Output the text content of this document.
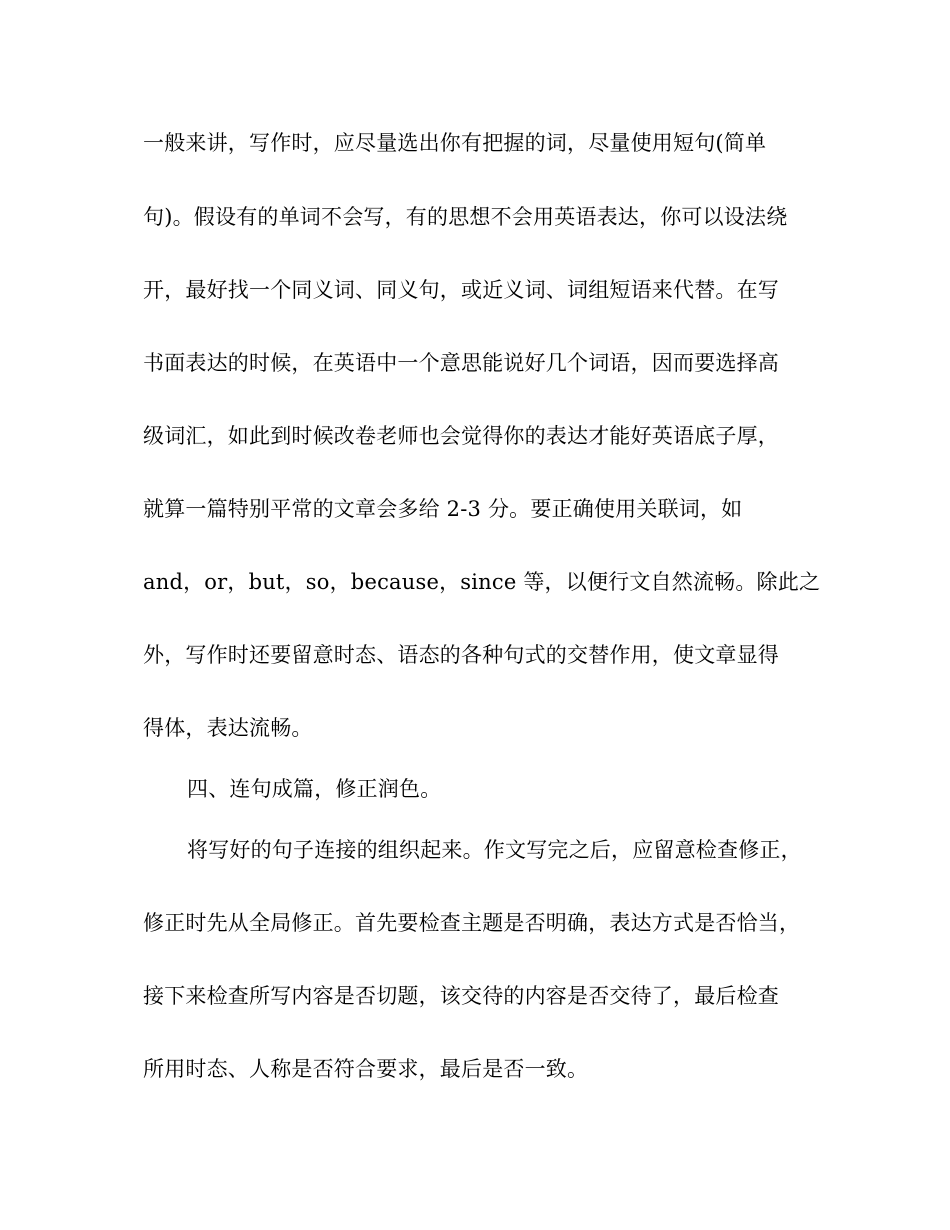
一般来讲，写作时，应尽量选出你有把握的词，尽量使用短句(简单
句)。假设有的单词不会写，有的思想不会用英语表达，你可以设法绕
开，最好找一个同义词、同义句，或近义词、词组短语来代替。在写
书面表达的时候，在英语中一个意思能说好几个词语，因而要选择高
级词汇，如此到时候改卷老师也会觉得你的表达才能好英语底子厚，
就算一篇特别平常的文章会多给 2-3 分。要正确使用关联词，如
and，or，but，so，because，since 等，以便行文自然流畅。除此之
外，写作时还要留意时态、语态的各种句式的交替作用，使文章显得
得体，表达流畅。
四、连句成篇，修正润色。
将写好的句子连接的组织起来。作文写完之后，应留意检查修正，
修正时先从全局修正。首先要检查主题是否明确，表达方式是否恰当，
接下来检查所写内容是否切题，该交待的内容是否交待了，最后检查
所用时态、人称是否符合要求，最后是否一致。
